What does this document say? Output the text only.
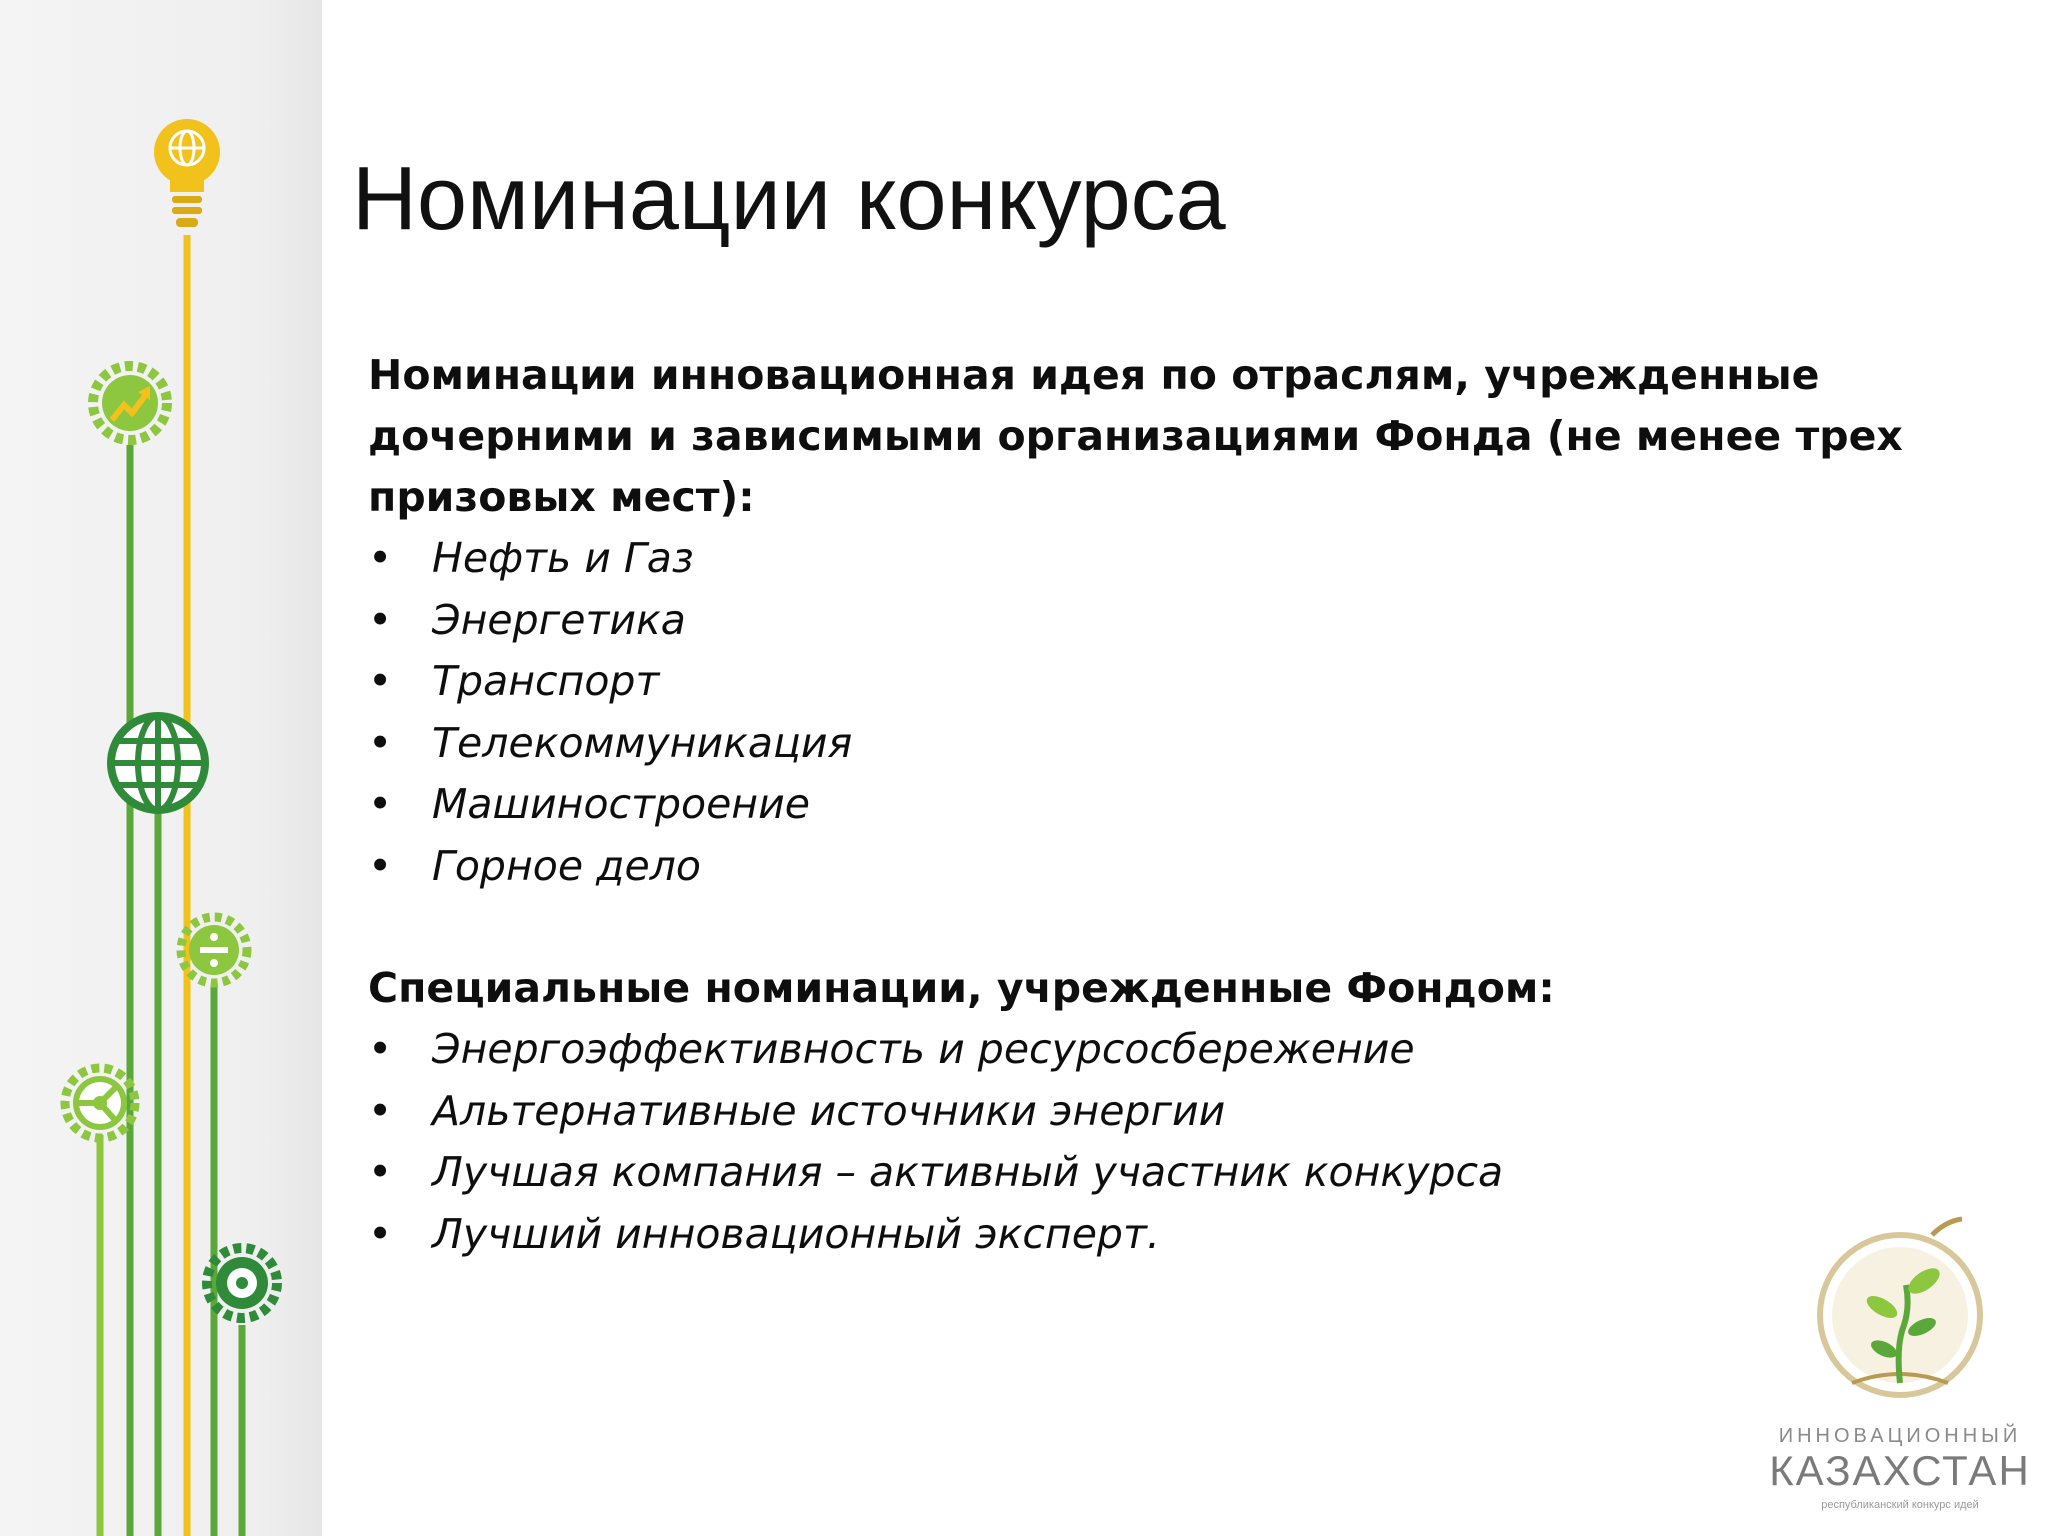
Номинации конкурса

Номинации инновационная идея по отраслям, учрежденные
дочерними и зависимыми организациями Фонда (не менее трех
призовых мест):

• Нефть и Газ
• Энергетика
• Транспорт
• Телекоммуникация
• Машиностроение
• Горное дело

Специальные номинации, учрежденные Фондом:

• Энергоэффективность и ресурсосбережение
• Альтернативные источники энергии
• Лучшая компания – активный участник конкурса
• Лучший инновационный эксперт.
ИННОВАЦИОННЫЙ
КАЗАХСТАН
республиканский конкурс идей
